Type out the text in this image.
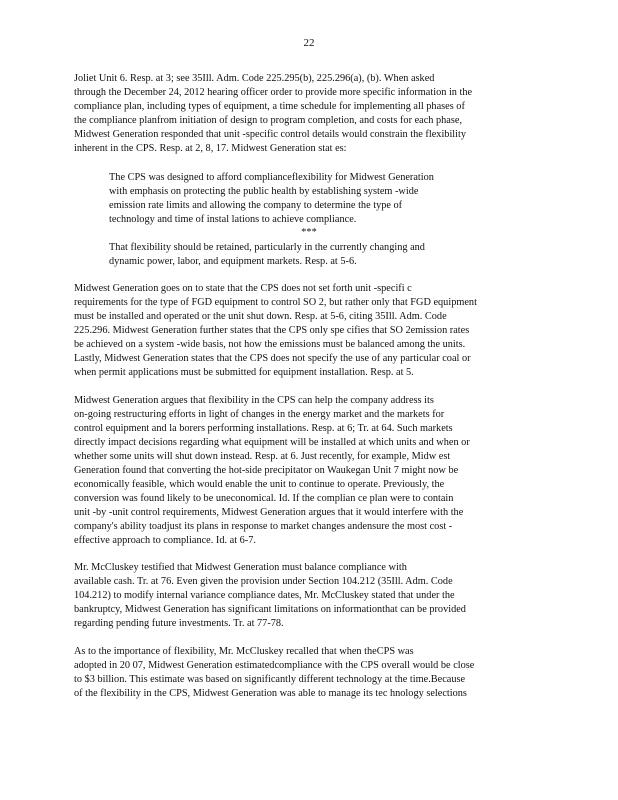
22
Joliet Unit 6. Resp. at 3; see 35Ill. Adm. Code 225.295(b), 225.296(a), (b). When asked
through the December 24, 2012 hearing officer order to provide more specific information in the
compliance plan, including types of equipment, a time schedule for implementing all phases of
the compliance planfrom initiation of design to program completion, and costs for each phase,
Midwest Generation responded that unit -specific control details would constrain the flexibility
inherent in the CPS. Resp. at 2, 8, 17. Midwest Generation stat es:
The CPS was designed to afford complianceflexibility for Midwest Generation
with emphasis on protecting the public health by establishing system -wide
emission rate limits and allowing the company to determine the type of
technology and time of instal lations to achieve compliance.
***
That flexibility should be retained, particularly in the currently changing and
dynamic power, labor, and equipment markets. Resp. at 5-6.
Midwest Generation goes on to state that the CPS does not set forth unit -specifi c
requirements for the type of FGD equipment to control SO 2, but rather only that FGD equipment
must be installed and operated or the unit shut down. Resp. at 5-6, citing 35Ill. Adm. Code
225.296. Midwest Generation further states that the CPS only spe cifies that SO 2emission rates
be achieved on a system -wide basis, not how the emissions must be balanced among the units.
Lastly, Midwest Generation states that the CPS does not specify the use of any particular coal or
when permit applications must be submitted for equipment installation. Resp. at 5.
Midwest Generation argues that flexibility in the CPS can help the company address its
on-going restructuring efforts in light of changes in the energy market and the markets for
control equipment and la borers performing installations. Resp. at 6; Tr. at 64. Such markets
directly impact decisions regarding what equipment will be installed at which units and when or
whether some units will shut down instead. Resp. at 6. Just recently, for example, Midw est
Generation found that converting the hot-side precipitator on Waukegan Unit 7 might now be
economically feasible, which would enable the unit to continue to operate. Previously, the
conversion was found likely to be uneconomical. Id. If the complian ce plan were to contain
unit -by -unit control requirements, Midwest Generation argues that it would interfere with the
company's ability toadjust its plans in response to market changes andensure the most cost -
effective approach to compliance. Id. at 6-7.
Mr. McCluskey testified that Midwest Generation must balance compliance with
available cash. Tr. at 76. Even given the provision under Section 104.212 (35Ill. Adm. Code
104.212) to modify internal variance compliance dates, Mr. McCluskey stated that under the
bankruptcy, Midwest Generation has significant limitations on informationthat can be provided
regarding pending future investments. Tr. at 77-78.
As to the importance of flexibility, Mr. McCluskey recalled that when theCPS was
adopted in 20 07, Midwest Generation estimatedcompliance with the CPS overall would be close
to $3 billion. This estimate was based on significantly different technology at the time.Because
of the flexibility in the CPS, Midwest Generation was able to manage its tec hnology selections
